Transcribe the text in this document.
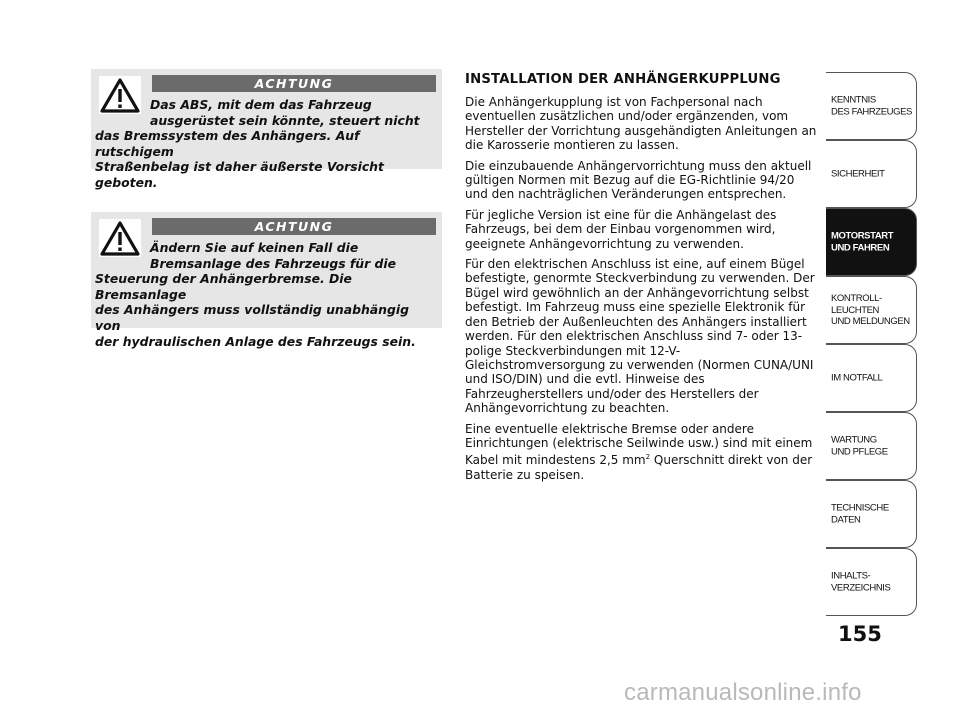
ACHTUNG
Das ABS, mit dem das Fahrzeug
ausgerüstet sein könnte, steuert nicht
das Bremssystem des Anhängers. Auf rutschigem
Straßenbelag ist daher äußerste Vorsicht geboten.
ACHTUNG
Ändern Sie auf keinen Fall die
Bremsanlage des Fahrzeugs für die
Steuerung der Anhängerbremse. Die Bremsanlage
des Anhängers muss vollständig unabhängig von
der hydraulischen Anlage des Fahrzeugs sein.
INSTALLATION DER ANHÄNGERKUPPLUNG

Die Anhängerkupplung ist von Fachpersonal nach eventuellen zusätzlichen und/oder ergänzenden, vom Hersteller der Vorrichtung ausgehändigten Anleitungen an die Karosserie montieren zu lassen.

Die einzubauende Anhängervorrichtung muss den aktuell gültigen Normen mit Bezug auf die EG-Richtlinie 94/20 und den nachträglichen Veränderungen entsprechen.

Für jegliche Version ist eine für die Anhängelast des Fahrzeugs, bei dem der Einbau vorgenommen wird, geeignete Anhängevorrichtung zu verwenden.

Für den elektrischen Anschluss ist eine, auf einem Bügel befestigte, genormte Steckverbindung zu verwenden. Der Bügel wird gewöhnlich an der Anhängevorrichtung selbst befestigt. Im Fahrzeug muss eine spezielle Elektronik für den Betrieb der Außenleuchten des Anhängers installiert werden. Für den elektrischen Anschluss sind 7- oder 13-polige Steckverbindungen mit 12-V-Gleichstromversorgung zu verwenden (Normen CUNA/UNI und ISO/DIN) und die evtl. Hinweise des Fahrzeugherstellers und/oder des Herstellers der Anhängevorrichtung zu beachten.

Eine eventuelle elektrische Bremse oder andere Einrichtungen (elektrische Seilwinde usw.) sind mit einem Kabel mit mindestens 2,5 $mm^2$ Querschnitt direkt von der Batterie zu speisen.

KENNTNIS
DES FAHRZEUGES
SICHERHEIT
MOTORSTART
UND FAHREN
KONTROLL-
LEUCHTEN
UND MELDUNGEN
IM NOTFALL
WARTUNG
UND PFLEGE
TECHNISCHE
DATEN
INHALTS-
VERZEICHNIS
155
carmanualsonline.info
